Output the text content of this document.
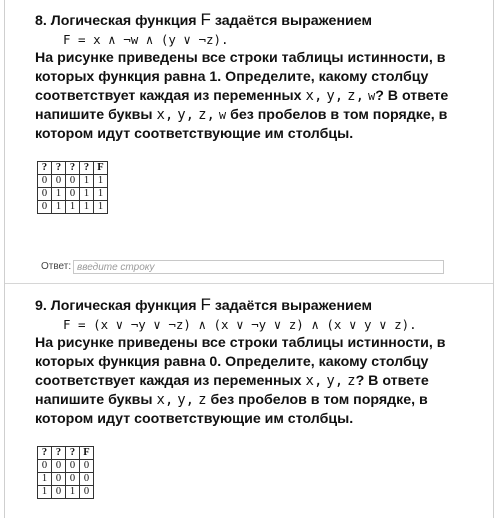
8. Логическая функция F задаётся выражением

F = x ∧ ¬w ∧ (y ∨ ¬z).

На рисунке приведены все строки таблицы истинности, в которых функция равна 1. Определите, какому столбцу соответствует каждая из переменных x, y, z, w? В ответе напишите буквы x, y, z, w без пробелов в том порядке, в котором идут соответствующие им столбцы.

?	?	?	?	F
0	0	0	1	1
0	1	0	1	1
0	1	1	1	1
Ответ:
введите строку

9. Логическая функция F задаётся выражением

F = (x ∨ ¬y ∨ ¬z) ∧ (x ∨ ¬y ∨ z) ∧ (x ∨ y ∨ z).

На рисунке приведены все строки таблицы истинности, в которых функция равна 0. Определите, какому столбцу соответствует каждая из переменных x, y, z? В ответе напишите буквы x, y, z без пробелов в том порядке, в котором идут соответствующие им столбцы.

?	?	?	F
0	0	0	0
1	0	0	0
1	0	1	0
